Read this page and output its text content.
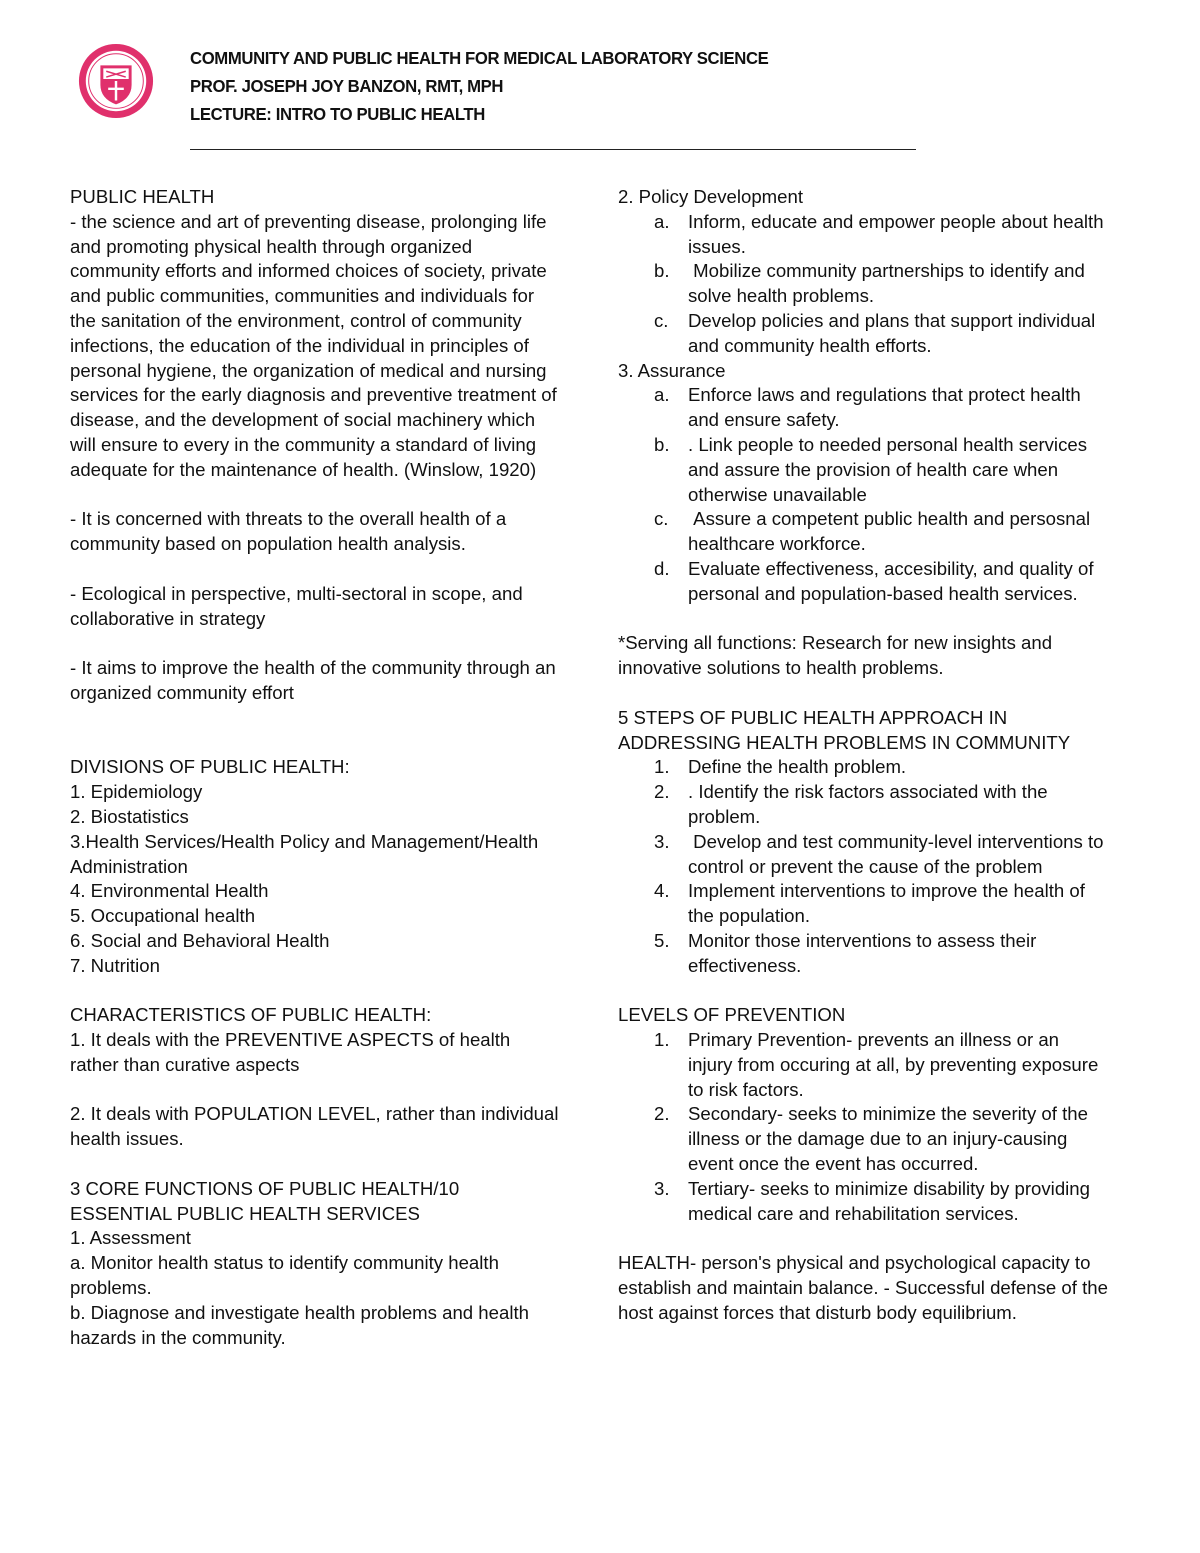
COMMUNITY AND PUBLIC HEALTH FOR MEDICAL LABORATORY SCIENCE
PROF. JOSEPH JOY BANZON, RMT, MPH
LECTURE: INTRO TO PUBLIC HEALTH

PUBLIC HEALTH

- the science and art of preventing disease, prolonging life and promoting physical health through organized community efforts and informed choices of society, private and public communities, communities and individuals for the sanitation of the environment, control of community infections, the education of the individual in principles of personal hygiene, the organization of medical and nursing services for the early diagnosis and preventive treatment of disease, and the development of social machinery which will ensure to every in the community a standard of living adequate for the maintenance of health. (Winslow, 1920)

- It is concerned with threats to the overall health of a community based on population health analysis.

- Ecological in perspective, multi-sectoral in scope, and collaborative in strategy

- It aims to improve the health of the community through an organized community effort

DIVISIONS OF PUBLIC HEALTH:

1. Epidemiology

2. Biostatistics

3.Health Services/Health Policy and Management/Health Administration

4. Environmental Health

5. Occupational health

6. Social and Behavioral Health

7. Nutrition

CHARACTERISTICS OF PUBLIC HEALTH:

1. It deals with the PREVENTIVE ASPECTS of health rather than curative aspects

2. It deals with POPULATION LEVEL, rather than individual health issues.

3 CORE FUNCTIONS OF PUBLIC HEALTH/10 ESSENTIAL PUBLIC HEALTH SERVICES

1. Assessment

a. Monitor health status to identify community health problems.

b. Diagnose and investigate health problems and health hazards in the community.

2. Policy Development

a. Inform, educate and empower people about health issues.
b. Mobilize community partnerships to identify and solve health problems.
c.	Develop policies and plans that support individual and community health efforts.

3. Assurance

a. Enforce laws and regulations that protect health and ensure safety.
b. . Link people to needed personal health services and assure the provision of health care when otherwise unavailable
c.	Assure a competent public health and persosnal healthcare workforce.
d. Evaluate effectiveness, accesibility, and quality of personal and population-based health services.

*Serving all functions: Research for new insights and innovative solutions to health problems.

5 STEPS OF PUBLIC HEALTH APPROACH IN ADDRESSING HEALTH PROBLEMS IN COMMUNITY

1. Define the health problem.
2. . Identify the risk factors associated with the problem.
3. Develop and test community-level interventions to control or prevent the cause of the problem
4. Implement interventions to improve the health of the population.
5. Monitor those interventions to assess their effectiveness.

LEVELS OF PREVENTION

1. Primary Prevention- prevents an illness or an injury from occuring at all, by preventing exposure to risk factors.
2. Secondary- seeks to minimize the severity of the illness or the damage due to an injury-causing event once the event has occurred.
3. Tertiary- seeks to minimize disability by providing medical care and rehabilitation services.

HEALTH- person's physical and psychological capacity to establish and maintain balance. - Successful defense of the host against forces that disturb body equilibrium.
